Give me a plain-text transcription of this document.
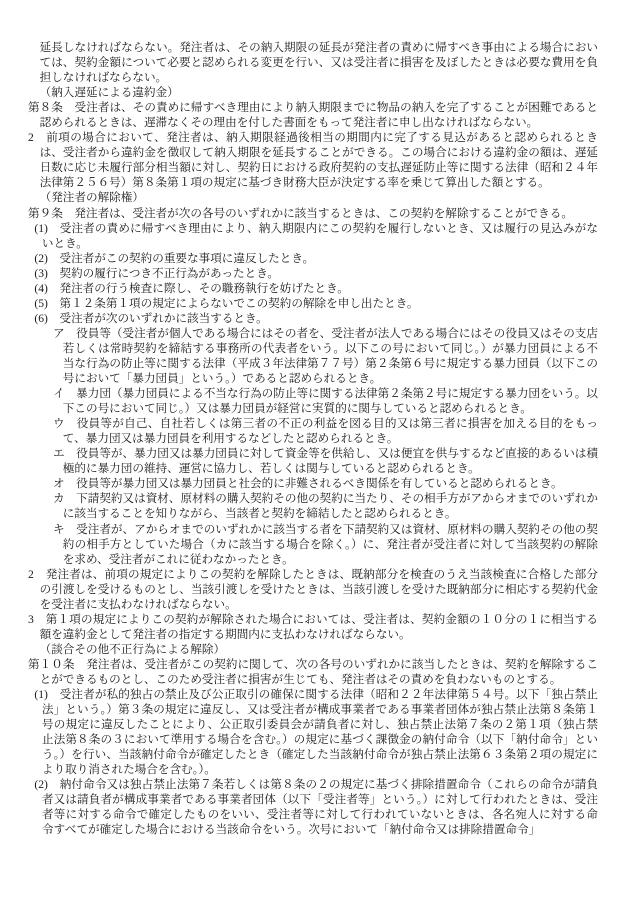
延長しなければならない。発注者は、その納入期限の延長が発注者の責めに帰すべき事由による場合においては、契約金額について必要と認められる変更を行い、又は受注者に損害を及ぼしたときは必要な費用を負担しなければならない。

（納入遅延による違約金）

第８条　受注者は、その責めに帰すべき理由により納入期限までに物品の納入を完了することが困難であると認められるときは、遅滞なくその理由を付した書面をもって発注者に申し出なければならない。

2　前項の場合において、発注者は、納入期限経過後相当の期間内に完了する見込があると認められるときは、受注者から違約金を徴収して納入期限を延長することができる。この場合における違約金の額は、遅延日数に応じ未履行部分相当額に対し、契約日における政府契約の支払遅延防止等に関する法律（昭和２４年法律第２５６号）第８条第１項の規定に基づき財務大臣が決定する率を乗じて算出した額とする。

（発注者の解除権）

第９条　発注者は、受注者が次の各号のいずれかに該当するときは、この契約を解除することができる。

(1)　受注者の責めに帰すべき理由により、納入期限内にこの契約を履行しないとき、又は履行の見込みがないとき。

(2)　受注者がこの契約の重要な事項に違反したとき。

(3)　契約の履行につき不正行為があったとき。

(4)　発注者の行う検査に際し、その職務執行を妨げたとき。

(5)　第１２条第１項の規定によらないでこの契約の解除を申し出たとき。

(6)　受注者が次のいずれかに該当するとき。

ア　役員等（受注者が個人である場合にはその者を、受注者が法人である場合にはその役員又はその支店若しくは常時契約を締結する事務所の代表者をいう。以下この号において同じ。）が暴力団員による不当な行為の防止等に関する法律（平成３年法律第７７号）第２条第６号に規定する暴力団員（以下この号において「暴力団員」という。）であると認められるとき。

イ　暴力団（暴力団員による不当な行為の防止等に関する法律第２条第２号に規定する暴力団をいう。以下この号において同じ。）又は暴力団員が経営に実質的に関与していると認められるとき。

ウ　役員等が自己、自社若しくは第三者の不正の利益を図る目的又は第三者に損害を加える目的をもって、暴力団又は暴力団員を利用するなどしたと認められるとき。

エ　役員等が、暴力団又は暴力団員に対して資金等を供給し、又は便宜を供与するなど直接的あるいは積極的に暴力団の維持、運営に協力し、若しくは関与していると認められるとき。

オ　役員等が暴力団又は暴力団員と社会的に非難されるべき関係を有していると認められるとき。

カ　下請契約又は資材、原材料の購入契約その他の契約に当たり、その相手方がアからオまでのいずれかに該当することを知りながら、当該者と契約を締結したと認められるとき。

キ　受注者が、アからオまでのいずれかに該当する者を下請契約又は資材、原材料の購入契約その他の契約の相手方としていた場合（カに該当する場合を除く。）に、発注者が受注者に対して当該契約の解除を求め、受注者がこれに従わなかったとき。

2　発注者は、前項の規定によりこの契約を解除したときは、既納部分を検査のうえ当該検査に合格した部分の引渡しを受けるものとし、当該引渡しを受けたときは、当該引渡しを受けた既納部分に相応する契約代金を受注者に支払わなければならない。

3　第１項の規定によりこの契約が解除された場合においては、受注者は、契約金額の１０分の１に相当する額を違約金として発注者の指定する期間内に支払わなければならない。

（談合その他不正行為による解除）

第１０条　発注者は、受注者がこの契約に関して、次の各号のいずれかに該当したときは、契約を解除することができるものとし、このため受注者に損害が生じても、発注者はその責めを負わないものとする。

(1)　受注者が私的独占の禁止及び公正取引の確保に関する法律（昭和２２年法律第５４号。以下「独占禁止法」という。）第３条の規定に違反し、又は受注者が構成事業者である事業者団体が独占禁止法第８条第１号の規定に違反したことにより、公正取引委員会が請負者に対し、独占禁止法第７条の２第１項（独占禁止法第８条の３において準用する場合を含む。）の規定に基づく課徴金の納付命令（以下「納付命令」という。）を行い、当該納付命令が確定したとき（確定した当該納付命令が独占禁止法第６３条第２項の規定により取り消された場合を含む。）。

(2)　納付命令又は独占禁止法第７条若しくは第８条の２の規定に基づく排除措置命令（これらの命令が請負者又は請負者が構成事業者である事業者団体（以下「受注者等」という。）に対して行われたときは、受注者等に対する命令で確定したものをいい、受注者等に対して行われていないときは、各名宛人に対する命令すべてが確定した場合における当該命令をいう。次号において「納付命令又は排除措置命令」
